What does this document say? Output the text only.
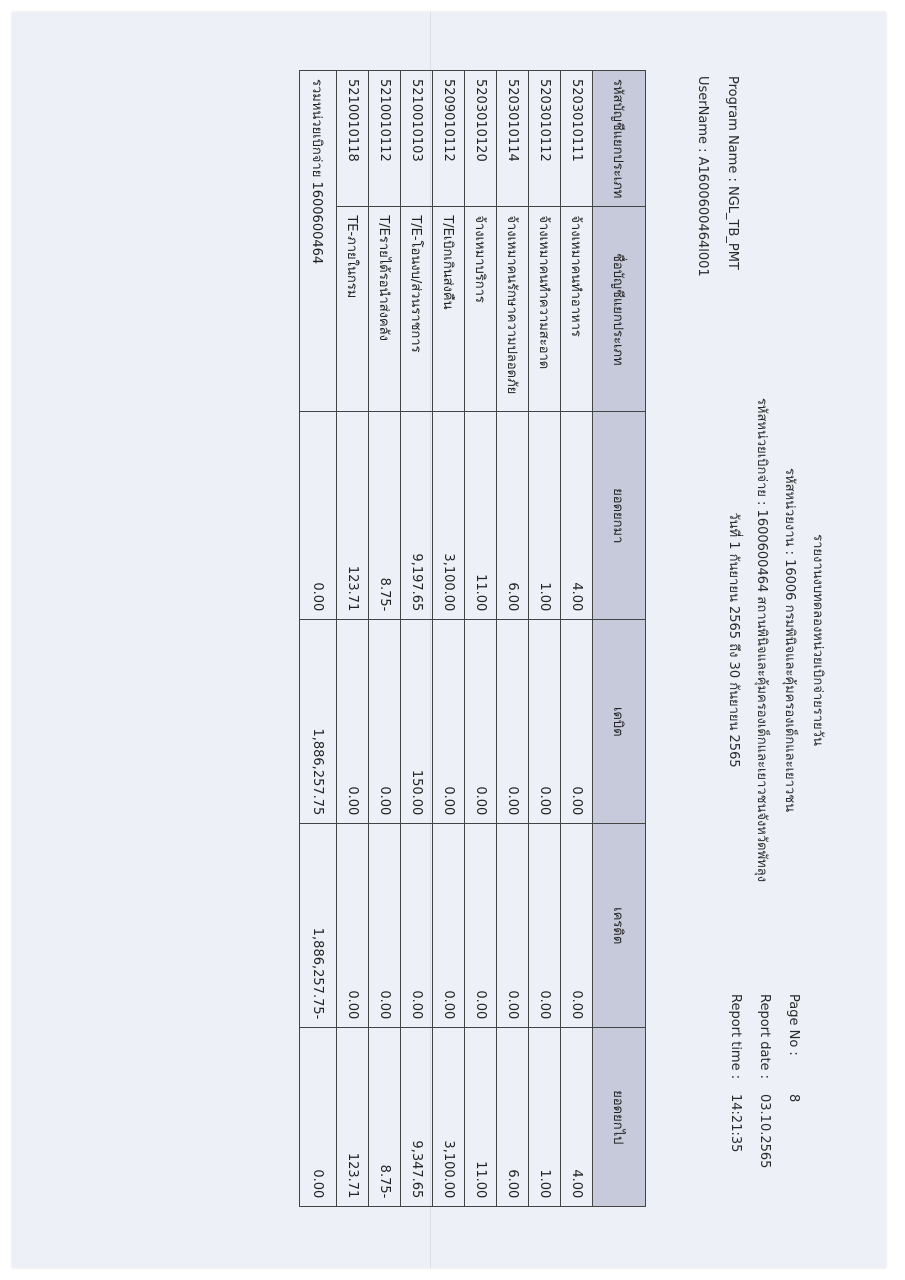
Program Name : NGL_TB_PMT
UserName : A1600600464l001
รายงานงบทดลองหน่วยเบิกจ่ายรายวัน
รหัสหน่วยงาน : 16006 กรมพินิจและคุ้มครองเด็กและเยาวชน
รหัสหน่วยเบิกจ่าย : 1600600464 สถานพินิจและคุ้มครองเด็กและเยาวชนจังหวัดพัทลุง
วันที่ 1 กันยายน 2565 ถึง 30 กันยายน 2565
Page No :
8
Report date :
03.10.2565
Report time :
14:21:35
รหัสบัญชีแยกประเภท	ชื่อบัญชีแยกประเภท	ยอดยกมา	เดบิต	เครดิต	ยอดยกไป
5203010111	จ้างเหมาคนทำอาหาร	4.00	0.00	0.00	4.00
5203010112	จ้างเหมาคนทำความสะอาด	1.00	0.00	0.00	1.00
5203010114	จ้างเหมาคนรักษาความปลอดภัย	6.00	0.00	0.00	6.00
5203010120	จ้างเหมาบริการ	11.00	0.00	0.00	11.00
5209010112	T/Eเบิกเกินส่งคืน	3,100.00	0.00	0.00	3,100.00
5210010103	T/E-โอนงบ/ส่วนราชการ	9,197.65	150.00	0.00	9,347.65
5210010112	T/Eรายได้รอนำส่งคลัง	8.75-	0.00	0.00	8.75-
5210010118	TE-ภายในกรม	123.71	0.00	0.00	123.71
รวมหน่วยเบิกจ่าย 1600600464		0.00	1,886,257.75	1,886,257.75-	0.00
